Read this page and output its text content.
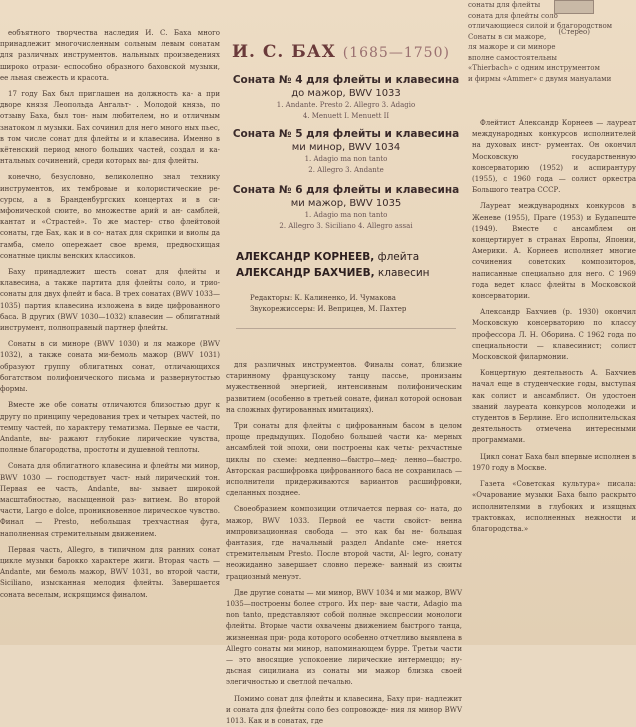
(Стерео)

еобъятного творчества наследия И. С. Баха много принадлежит многочисленным сольным левым сонатам для различных инструментов. нальныых произведениях широко отрази- еспособно образного баховской музыки, ее льная свежесть и красота.

17 году Бах был приглашен на должность ка- а при дворе князя Леопольда Ангальт- . Молодой князь, по отзыву Баха, был тон- ным любителем, но и отличным знатоком л музыки. Бах сочинил для него много ных пьес, в том числе сонат для флейты и и клавесина. Именно в кётенский период много больших частей, создал и ка- нтальных сочинений, среди которых вы- для флейты.

конечно, безусловно, великолепно знал технику инструментов, их тембровые и колористические ре- сурсы, а в Бранденбургских концертах и в си- мфонической сюите, во множестве арий и ан- самблей, кантат и «Страстей». То же мастер- ство флейтовой сонаты, где Бах, как и в со- натах для скрипки и виолы да гамба, смело опережает свое время, предвосхищая сонатные циклы венских классиков.

Баху принадлежит шесть сонат для флейты и клавесина, а также партита для флейты соло, и трио-сонаты для двух флейт и баса. В трех сонатах (BWV 1033—1035) партия клавесина изложена в виде цифрованного баса. В других (BWV 1030—1032) клавесин — облигатный инструмент, полноправный партнер флейты.

Сонаты в си миноре (BWV 1030) и ля мажоре (BWV 1032), а также соната ми-бемоль мажор (BWV 1031) образуют группу облигатных сонат, отличающихся богатством полифонического письма и развернутостью формы.

Вместе же обе сонаты отличаются близостью друг к другу по принципу чередования трех и четырех частей, по темпу частей, по характеру тематизма. Первые ее части, Andante, вы- ражают глубокие лирические чувства, полные благородства, простоты и душевной теплоты.

Соната для облигатного клавесина и флейты ми минор, BWV 1030 — господствует част- ный лирический тон. Первая ее часть, Andante, вы- зывает широкой масштабностью, насыщенной раз- витием. Во второй части, Largo e dolce, проникновенное лирическое чувство. Финал — Presto, небольшая трехчастная фуга, наполненная стремительным движением.

Первая часть, Allegro, в типичном для ранних сонат цикле музыки барокко характере жиги. Вторая часть — Andante, ми бемоль мажор, BWV 1031, во второй части, Siciliano, изысканная мелодия флейты. Завершается соната веселым, искрящимся финалом.

И. С. БАХ (1685—1750)
Соната № 4 для флейты и клавесина
до мажор, BWV 1033
1. Andante. Presto 2. Allegro 3. Adagio
4. Menuett I. Menuett II
Соната № 5 для флейты и клавесина
ми минор, BWV 1034
1. Adagio ma non tanto
2. Allegro 3. Andante
Соната № 6 для флейты и клавесина
ми мажор, BWV 1035
1. Adagio ma non tanto
2. Allegro 3. Siciliano 4. Allegro assai
АЛЕКСАНДР КОРНЕЕВ, флейта
АЛЕКСАНДР БАХЧИЕВ, клавесин

Редакторы: К. Калиненко, И. Чумакова

Звукорежиссеры: И. Веприцев, М. Пахтер

для различных инструментов. Финалы сонат, близкие старинному французскому танцу пассье, пронизаны мужественной энергией, интенсивным полифоническим развитием (особенно в третьей сонате, финал которой основан на сложных фугированных имитациях).

Три сонаты для флейты с цифрованным басом в целом проще предыдущих. Подобно большей части ка- мерных ансамблей той эпохи, они построены как четы- рехчастные циклы по схеме: медленно—быстро—мед- ленно—быстро. Авторская расшифровка цифрованного баса не сохранилась — исполнители придерживаются вариантов расшифровки, сделанных позднее.

Своеобразием композиции отличается первая со- ната, до мажор, BWV 1033. Первой ее части свойст- венна импровизационная свобода — это как бы не- большая фантазия, где начальный раздел Andante сме- няется стремительным Presto. После второй части, Al- legro, сонату неожиданно завершает словно переже- ванный из сюиты грациозный менуэт.

Две другие сонаты — ми минор, BWV 1034 и ми мажор, BWV 1035—построены более строго. Их пер- вые части, Adagio ma non tanto, представляют собой полные экспрессии монологи флейты. Вторые части охвачены движением быстрого танца, жизненная при- рода которого особенно отчетливо выявлена в Allegro сонаты ми минор, напоминающем бурре. Третьи части — это вносящие успокоение лирические интермеццо; ну- дьсная сицилиана из сонаты ми мажор близка своей элегичностью и светлой печалью.

Помимо сонат для флейты и клавесина, Баху при- надлежит и соната для флейты соло без сопровожде- ния ля минор BWV 1013. Как и в сонатах, где

сонаты для флейты

соната для флейты соло

отличающиеся силой и благородством

Сонаты в си мажоре,

ля мажоре и си миноре

вполне самостоятельны

«Thierbach» с одним инструментом

и фирмы «Ammer» с двумя мануалами

Флейтист Александр Корнеев — лауреат международных конкурсов исполнителей на духовых инст- рументах. Он окончил Московскую государственную консерваторию (1952) и аспирантуру (1955), с 1960 года — солист оркестра Большого театра СССР.

Лауреат международных конкурсов в Женеве (1955), Праге (1953) и Будапеште (1949). Вместе с ансамблем он концертирует в странах Европы, Японии, Америки. А. Корнеев исполняет многие сочинения советских композиторов, написанные специально для него. С 1969 года ведет класс флейты в Московской консерватории.

Александр Бахчиев (р. 1930) окончил Московскую консерваторию по классу профессора Л. Н. Оборина. С 1962 года по специальности — клавесинист; солист Московской филармонии.

Концертную деятельность А. Бахчиев начал еще в студенческие годы, выступая как солист и ансамблист. Он удостоен званий лауреата конкурсов молодежи и студентов в Берлине. Его исполнительская деятельность отмечена интересными программами.

Цикл сонат Баха был впервые исполнен в 1970 году в Москве.

Газета «Советская культура» писала: «Очарование музыки Баха было раскрыто исполнителями в глубоких и изящных трактовках, исполненных нежности и благородства.»
